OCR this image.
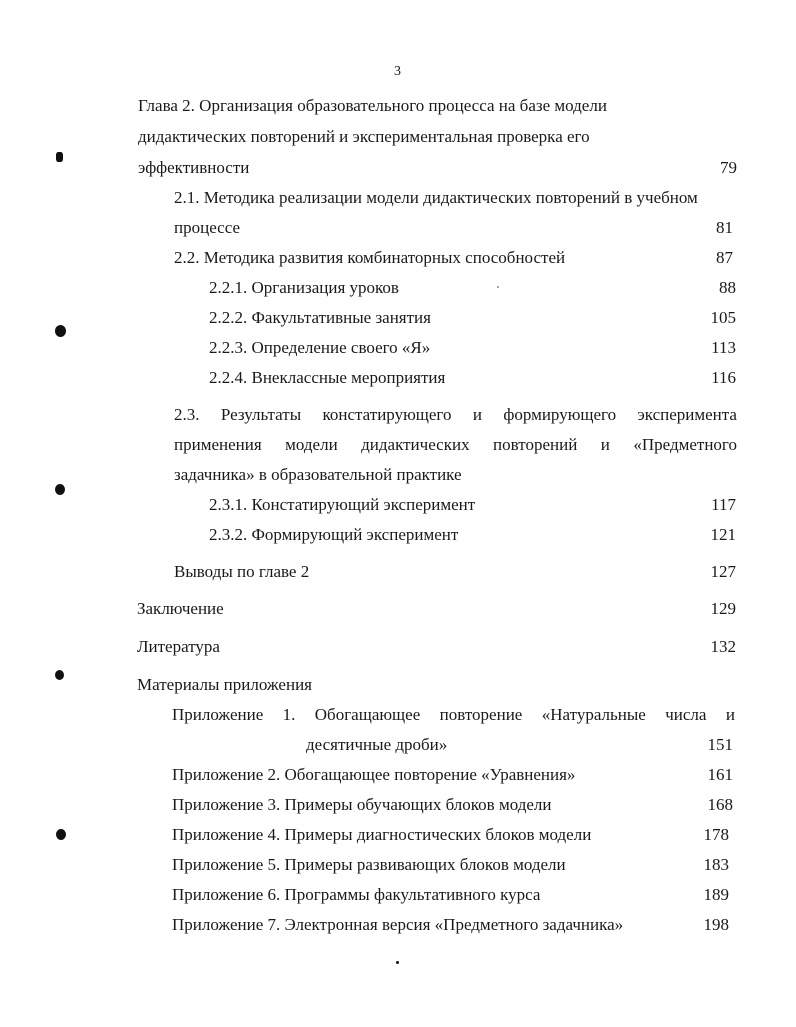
3
Глава 2. Организация образовательного процесса на базе модели
дидактических повторений и экспериментальная проверка его
эффективности	79
2.1. Методика реализации модели дидактических повторений в учебном
процессе	81
2.2. Методика развития комбинаторных способностей	87
2.2.1. Организация уроков	88
2.2.2. Факультативные занятия	105
2.2.3. Определение своего «Я»	113
2.2.4. Внеклассные мероприятия	116
2.3. Результаты констатирующего и формирующего эксперимента
применения модели дидактических повторений и «Предметного
задачника» в образовательной практике
2.3.1. Констатирующий эксперимент	117
2.3.2. Формирующий эксперимент	121
Выводы по главе 2	127
Заключение	129
Литература	132
Материалы приложения
Приложение 1. Обогащающее повторение «Натуральные числа и
десятичные дроби»	151
Приложение 2. Обогащающее повторение «Уравнения»	161
Приложение 3. Примеры обучающих блоков модели	168
Приложение 4. Примеры диагностических блоков модели	178
Приложение 5. Примеры развивающих блоков модели	183
Приложение 6. Программы факультативного курса	189
Приложение 7. Электронная версия «Предметного задачника»	198
